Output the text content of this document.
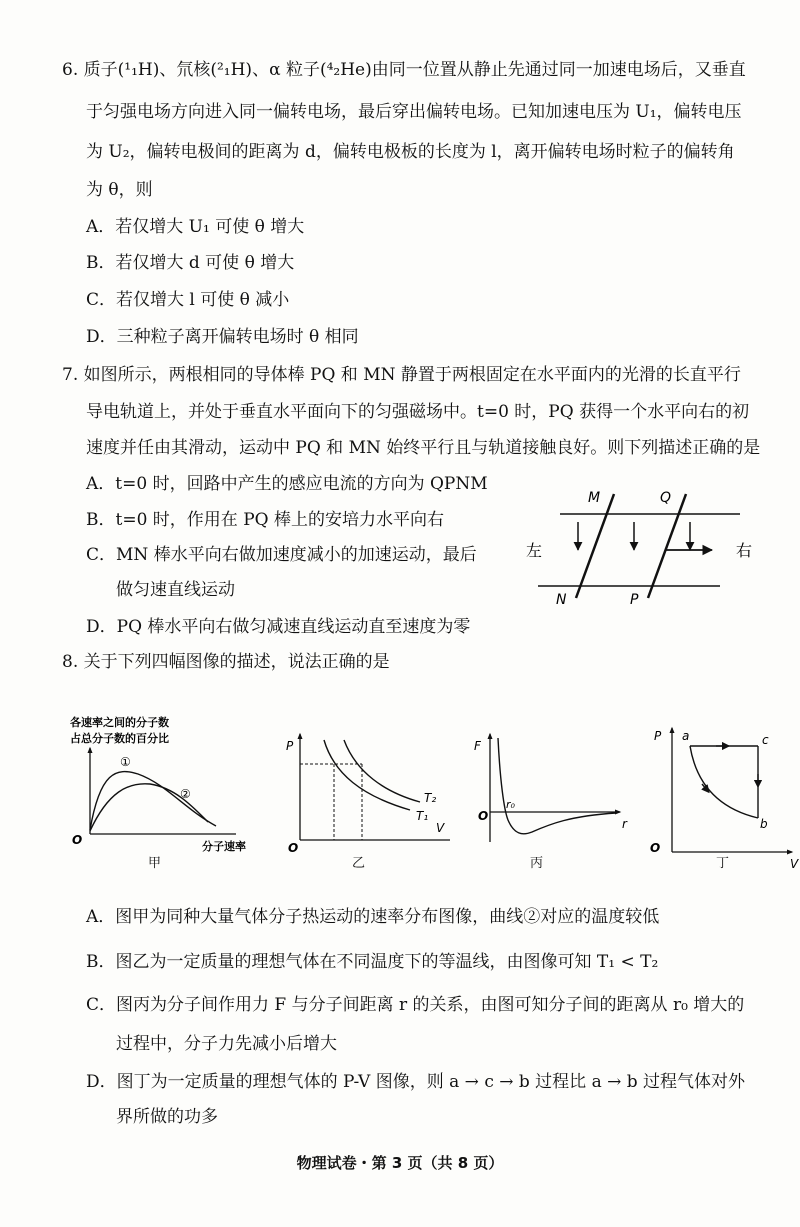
6. 质子(¹₁H)、氘核(²₁H)、α 粒子(⁴₂He)由同一位置从静止先通过同一加速电场后，又垂直
于匀强电场方向进入同一偏转电场，最后穿出偏转电场。已知加速电压为 U₁，偏转电压
为 U₂，偏转电极间的距离为 d，偏转电极板的长度为 l，离开偏转电场时粒子的偏转角
为 θ，则
A．若仅增大 U₁ 可使 θ 增大
B．若仅增大 d 可使 θ 增大
C．若仅增大 l 可使 θ 减小
D．三种粒子离开偏转电场时 θ 相同
7. 如图所示，两根相同的导体棒 PQ 和 MN 静置于两根固定在水平面内的光滑的长直平行
导电轨道上，并处于垂直水平面向下的匀强磁场中。t=0 时，PQ 获得一个水平向右的初
速度并任由其滑动，运动中 PQ 和 MN 始终平行且与轨道接触良好。则下列描述正确的是
A．t=0 时，回路中产生的感应电流的方向为 QPNM
B．t=0 时，作用在 PQ 棒上的安培力水平向右
C．MN 棒水平向右做加速度减小的加速运动，最后
做匀速直线运动
D．PQ 棒水平向右做匀减速直线运动直至速度为零
M	Q
N	P
左	右
8. 关于下列四幅图像的描述，说法正确的是
各速率之间的分子数
占总分子数的百分比
①
②
O	分子速率
甲
P
T₂
T₁
V
O
乙
F
O
r₀
r
丙
P a	c
b
O
V
丁
A．图甲为同种大量气体分子热运动的速率分布图像，曲线②对应的温度较低
B．图乙为一定质量的理想气体在不同温度下的等温线，由图像可知 T₁ < T₂
C．图丙为分子间作用力 F 与分子间距离 r 的关系，由图可知分子间的距离从 r₀ 增大的
过程中，分子力先减小后增大
D．图丁为一定质量的理想气体的 P-V 图像，则 a → c → b 过程比 a → b 过程气体对外
界所做的功多
物理试卷・第 3 页（共 8 页）
